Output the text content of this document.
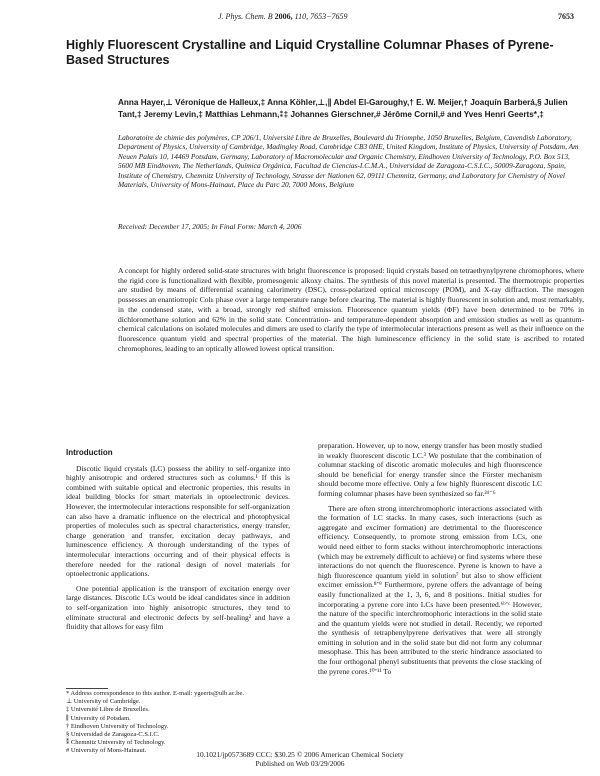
J. Phys. Chem. B 2006, 110, 7653−7659	7653
Highly Fluorescent Crystalline and Liquid Crystalline Columnar Phases of Pyrene-Based Structures
Anna Hayer,⊥ Véronique de Halleux,‡ Anna Köhler,⊥,∥ Abdel El-Garoughy,† E. W. Meijer,† Joaquín Barberá,§ Julien Tant,‡ Jeremy Levin,‡ Matthias Lehmann,⁑‡ Johannes Gierschner,# Jérôme Cornil,# and Yves Henri Geerts*,‡
Laboratoire de chimie des polymères, CP 206/1, Université Libre de Bruxelles, Boulevard du Triomphe, 1050 Bruxelles, Belgium, Cavendish Laboratory, Department of Physics, University of Cambridge, Madingley Road, Cambridge CB3 0HE, United Kingdom, Institute of Physics, University of Potsdam, Am Neuen Palais 10, 14469 Potsdam, Germany, Laboratory of Macromolecular and Organic Chemistry, Eindhoven University of Technology, P.O. Box 513, 5600 MB Eindhoven, The Netherlands, Química Orgánica, Facultad de Ciencias-I.C.M.A., Universidad de Zaragoza-C.S.I.C., 50009-Zaragoza, Spain, Institute of Chemistry, Chemnitz University of Technology, Strasse der Nationen 62, 09111 Chemnitz, Germany, and Laboratory for Chemistry of Novel Materials, University of Mons-Hainaut, Place du Parc 20, 7000 Mons, Belgium
Received: December 17, 2005; In Final Form: March 4, 2006
A concept for highly ordered solid-state structures with bright fluorescence is proposed: liquid crystals based on tetraethynylpyrene chromophores, where the rigid core is functionalized with flexible, promesogenic alkoxy chains. The synthesis of this novel material is presented. The thermotropic properties are studied by means of differential scanning calorimetry (DSC), cross-polarized optical microscopy (POM), and X-ray diffraction. The mesogen possesses an enantiotropic Colₕ phase over a large temperature range before clearing. The material is highly fluorescent in solution and, most remarkably, in the condensed state, with a broad, strongly red shifted emission. Fluorescence quantum yields (ΦF) have been determined to be 70% in dichloromethane solution and 62% in the solid state. Concentration- and temperature-dependent absorption and emission studies as well as quantum-chemical calculations on isolated molecules and dimers are used to clarify the type of intermolecular interactions present as well as their influence on the fluorescence quantum yield and spectral properties of the material. The high luminescence efficiency in the solid state is ascribed to rotated chromophores, leading to an optically allowed lowest optical transition.
Introduction

Discotic liquid crystals (LC) possess the ability to self-organize into highly anisotropic and ordered structures such as columns.¹ If this is combined with suitable optical and electronic properties, this results in ideal building blocks for smart materials in optoelectronic devices. However, the intermolecular interactions responsible for self-organization can also have a dramatic influence on the electrical and photophysical properties of molecules such as spectral characteristics, energy transfer, charge generation and transfer, excitation decay pathways, and luminescence efficiency. A thorough understanding of the types of intermolecular interactions occurring and of their physical effects is therefore needed for the rational design of novel materials for optoelectronic applications.

One potential application is the transport of excitation energy over large distances. Discotic LCs would be ideal candidates since in addition to self-organization into highly anisotropic structures, they tend to eliminate structural and electronic defects by self-healing² and have a fluidity that allows for easy film

preparation. However, up to now, energy transfer has been mostly studied in weakly fluorescent discotic LC.³ We postulate that the combination of columnar stacking of discotic aromatic molecules and high fluorescence should be beneficial for energy transfer since the Förster mechanism should become more effective. Only a few highly fluorescent discotic LC forming columnar phases have been synthesized so far.²ᵈ⁻⁶

There are often strong interchromophoric interactions associated with the formation of LC stacks. In many cases, such interactions (such as aggregate and excimer formation) are detrimental to the fluorescence efficiency. Consequently, to promote strong emission from LCs, one would need either to form stacks without interchromophoric interactions (which may be extremely difficult to achieve) or find systems where these interactions do not quench the fluorescence. Pyrene is known to have a high fluorescence quantum yield in solution⁷ but also to show efficient excimer emission.⁸ʼ⁹ Furthermore, pyrene offers the advantage of being easily functionalized at the 1, 3, 6, and 8 positions. Initial studies for incorporating a pyrene core into LCs have been presented.⁶ᵇʼᶜ However, the nature of the specific interchromophoric interactions in the solid state and the quantum yields were not studied in detail. Recently, we reported the synthesis of tetraphenylpyrene derivatives that were all strongly emitting in solution and in the solid state but did not form any columnar mesophase. This has been attributed to the steric hindrance associated to the four orthogonal phenyl substituents that prevents the close stacking of the pyrene cores.¹⁰ʼ¹¹ To

* Address correspondence to this author. E-mail: ygeerts@ulb.ac.be.
⊥ University of Cambridge.
‡ Université Libre de Bruxelles.
∥ University of Potsdam.
† Eindhoven University of Technology.
§ Universidad de Zaragoza-C.S.I.C.
⁑ Chemnitz University of Technology.
# University of Mons-Hainaut.	10.1021/jp0573689 CCC: $30.25 © 2006 American Chemical Society
Published on Web 03/29/2006
